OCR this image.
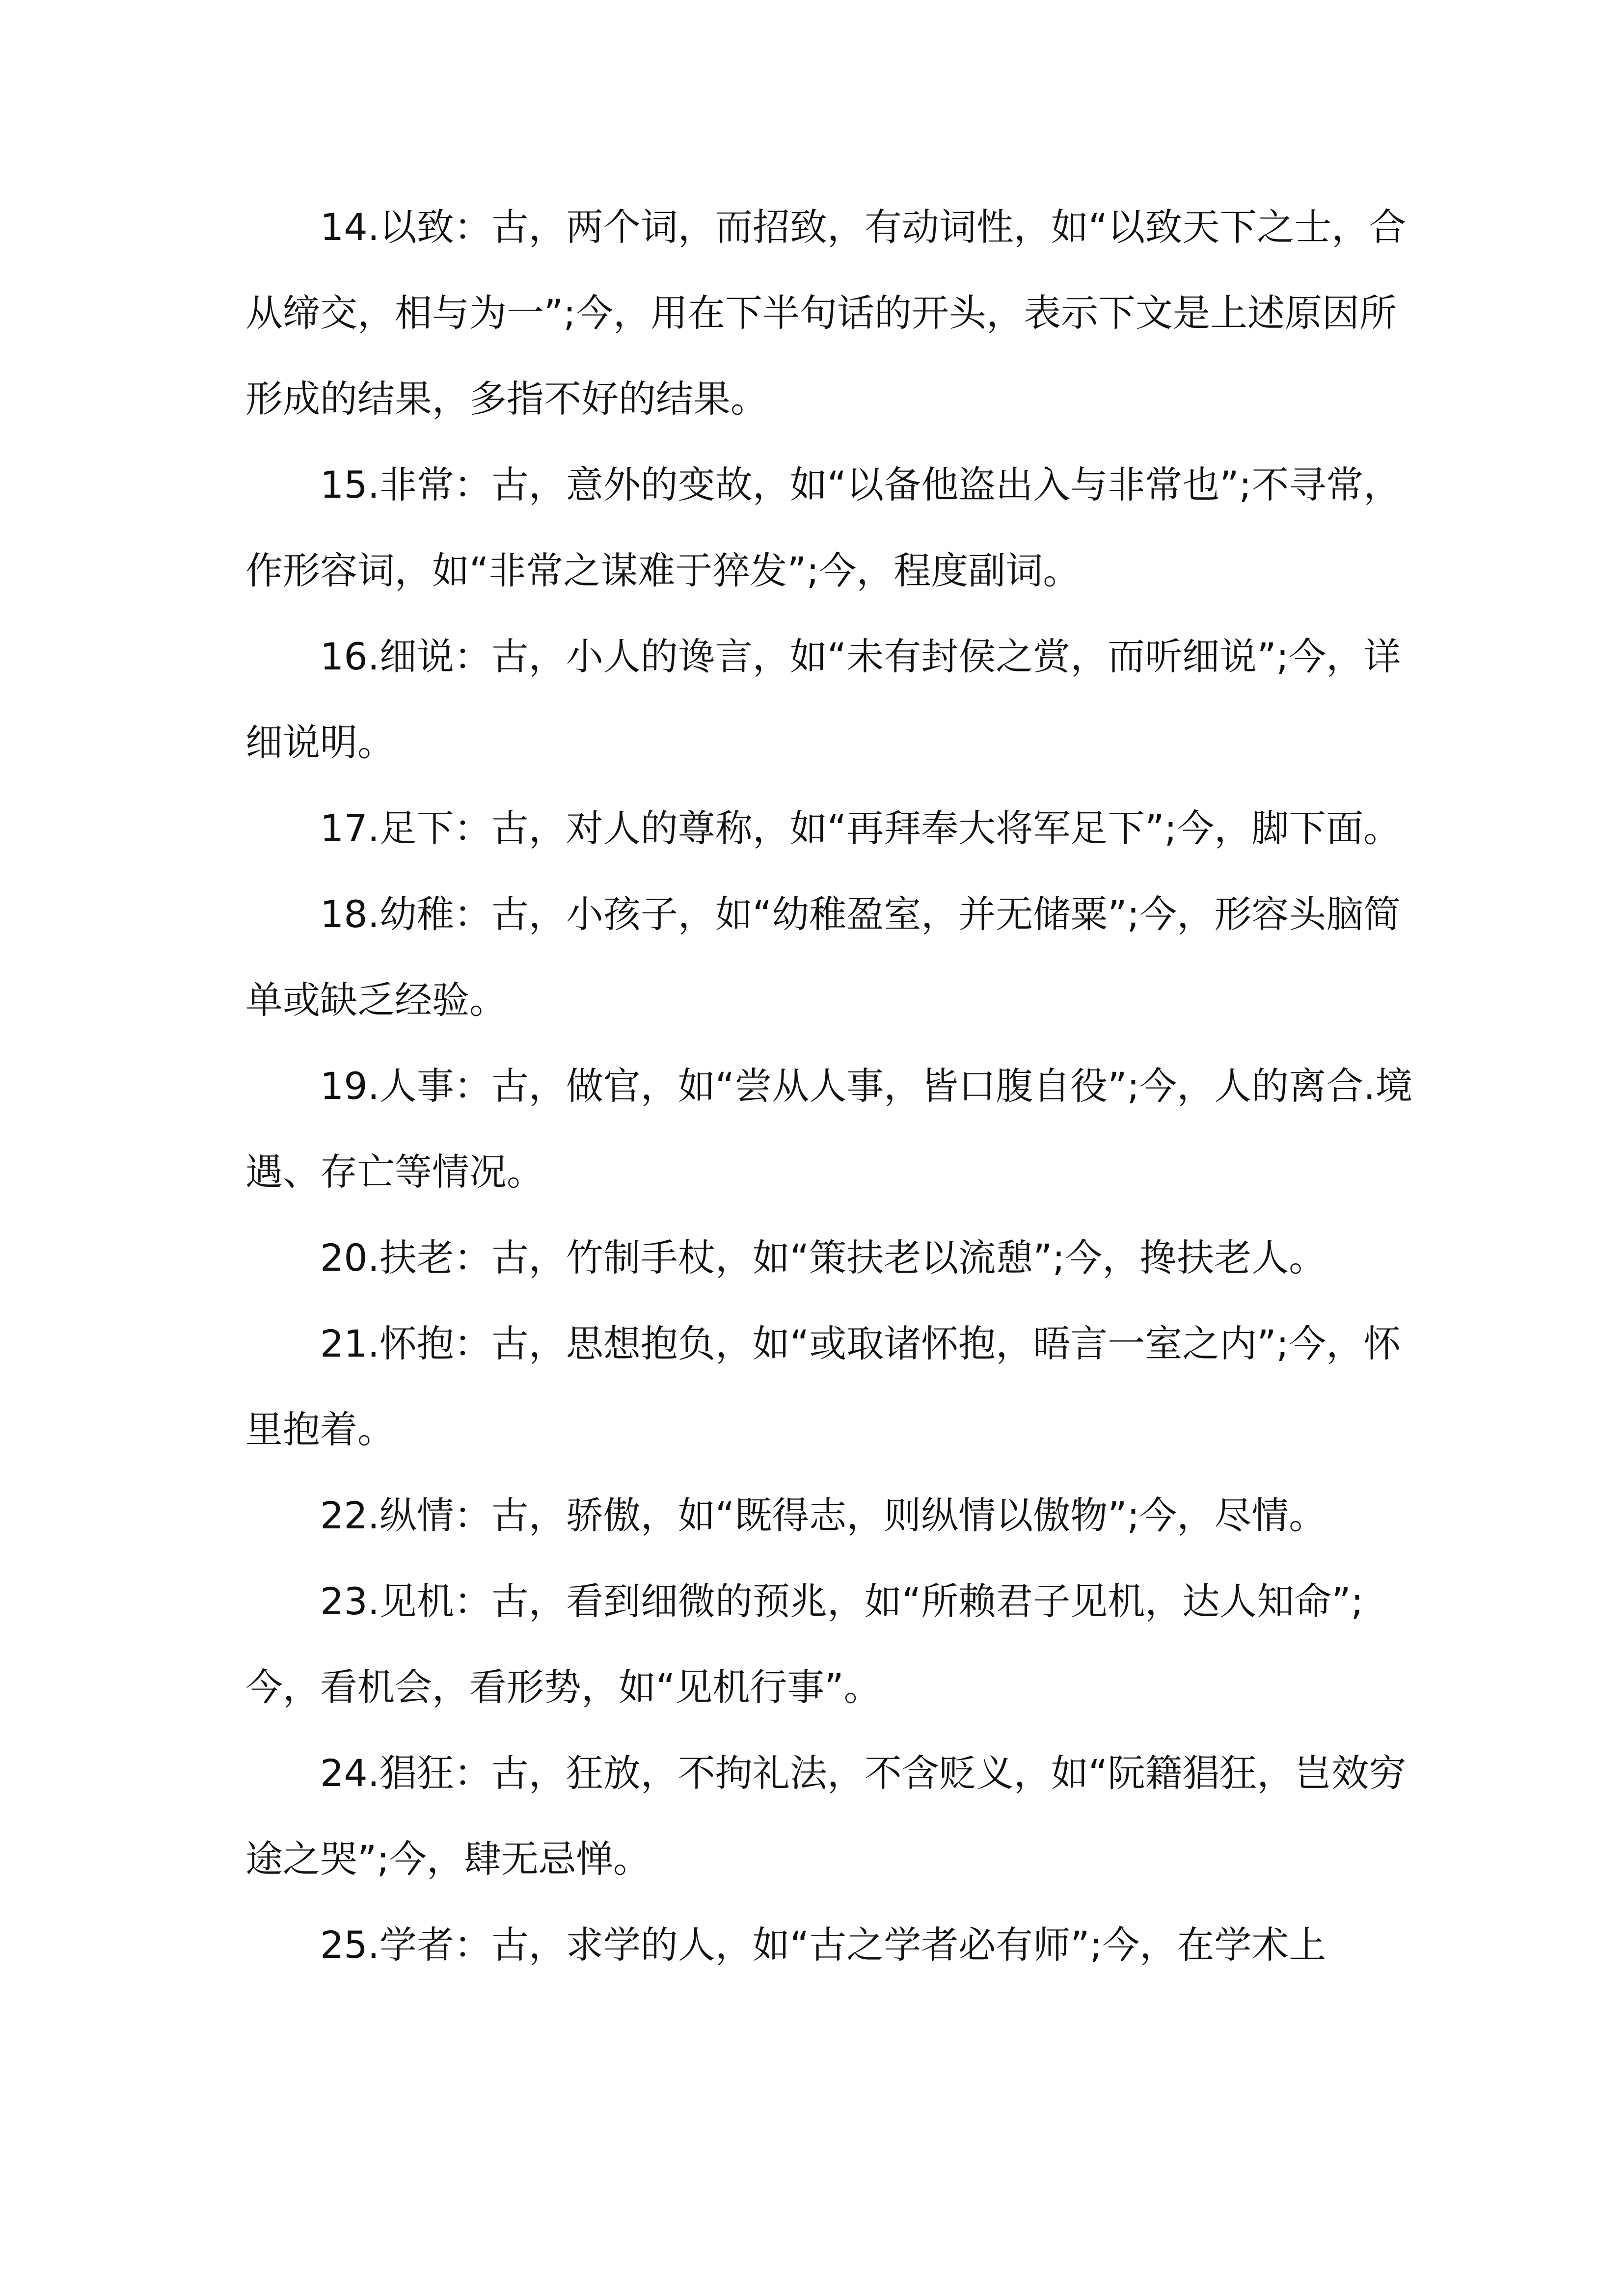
14.以致：古，两个词，而招致，有动词性，如“以致天下之士，合从缔交，相与为一”;今，用在下半句话的开头，表示下文是上述原因所形成的结果，多指不好的结果。

15.非常：古，意外的变故，如“以备他盗出入与非常也”;不寻常，作形容词，如“非常之谋难于猝发”;今，程度副词。

16.细说：古，小人的谗言，如“未有封侯之赏，而听细说”;今，详细说明。

17.足下：古，对人的尊称，如“再拜奉大将军足下”;今，脚下面。

18.幼稚：古，小孩子，如“幼稚盈室，并无储粟”;今，形容头脑简单或缺乏经验。

19.人事：古，做官，如“尝从人事，皆口腹自役”;今，人的离合.境遇、存亡等情况。

20.扶老：古，竹制手杖，如“策扶老以流憩”;今，搀扶老人。

21.怀抱：古，思想抱负，如“或取诸怀抱，晤言一室之内”;今，怀里抱着。

22.纵情：古，骄傲，如“既得志，则纵情以傲物”;今，尽情。

23.见机：古，看到细微的预兆，如“所赖君子见机，达人知命”;今，看机会，看形势，如“见机行事”。

24.猖狂：古，狂放，不拘礼法，不含贬义，如“阮籍猖狂，岂效穷途之哭”;今，肆无忌惮。

25.学者：古，求学的人，如“古之学者必有师”;今，在学术上
